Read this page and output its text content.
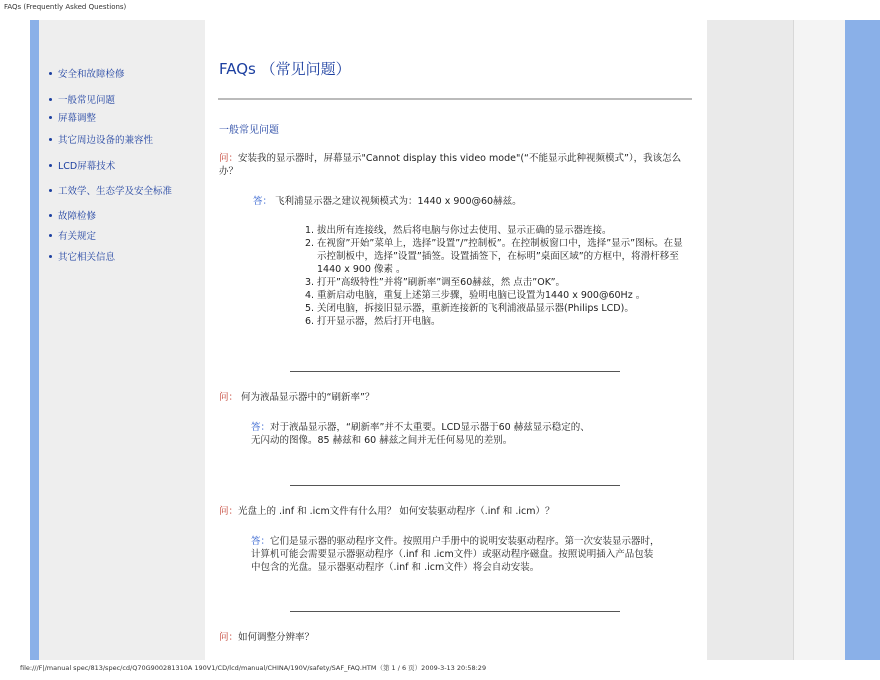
FAQs (Frequently Asked Questions)
安全和故障检修
一般常见问题
屏幕调整
其它周边设备的兼容性
LCD屏幕技术
工效学、生态学及安全标准
故障检修
有关规定
其它相关信息
FAQs （常见问题）
一般常见问题
问：安装我的显示器时，屏幕显示"Cannot display this video mode"(“不能显示此种视频模式”），我该怎么办？
答： 飞利浦显示器之建议视频模式为：1440 x 900@60赫兹。
1. 拔出所有连接线，然后将电脑与你过去使用、显示正确的显示器连接。
2. 在视窗”开始”菜单上，选择”设置”/”控制板”。在控制板窗口中，选择”显示”图标。在显示控制板中，选择”设置”插签。设置插签下，在标明”桌面区域”的方框中，将滑杆移至 1440 x 900 像素 。
3. 打开”高级特性”并将”刷新率”调至60赫兹，然 点击”OK”。
4. 重新启动电脑，重复上述第三步骤，验明电脑已设置为1440 x 900@60Hz 。
5. 关闭电脑，拆接旧显示器，重新连接新的飞利浦液晶显示器(Philips LCD)。
6. 打开显示器，然后打开电脑。
问： 何为液晶显示器中的“刷新率”？
答：对于液晶显示器，“刷新率”并不太重要。LCD显示器于60 赫兹显示稳定的、
无闪动的图像。85 赫兹和 60 赫兹之间并无任何易见的差别。
问：光盘上的 .inf 和 .icm文件有什么用？ 如何安装驱动程序（.inf 和 .icm）？
答：它们是显示器的驱动程序文件。按照用户手册中的说明安装驱动程序。第一次安装显示器时，计算机可能会需要显示器驱动程序（.inf 和 .icm文件）或驱动程序磁盘。按照说明插入产品包装中包含的光盘。显示器驱动程序（.inf 和 .icm文件）将会自动安装。
问：如何调整分辨率？
file:///F|/manual spec/813/spec/cd/Q70G900281310A 190V1/CD/lcd/manual/CHINA/190V/safety/SAF_FAQ.HTM（第 1 / 6 页）2009-3-13 20:58:29
